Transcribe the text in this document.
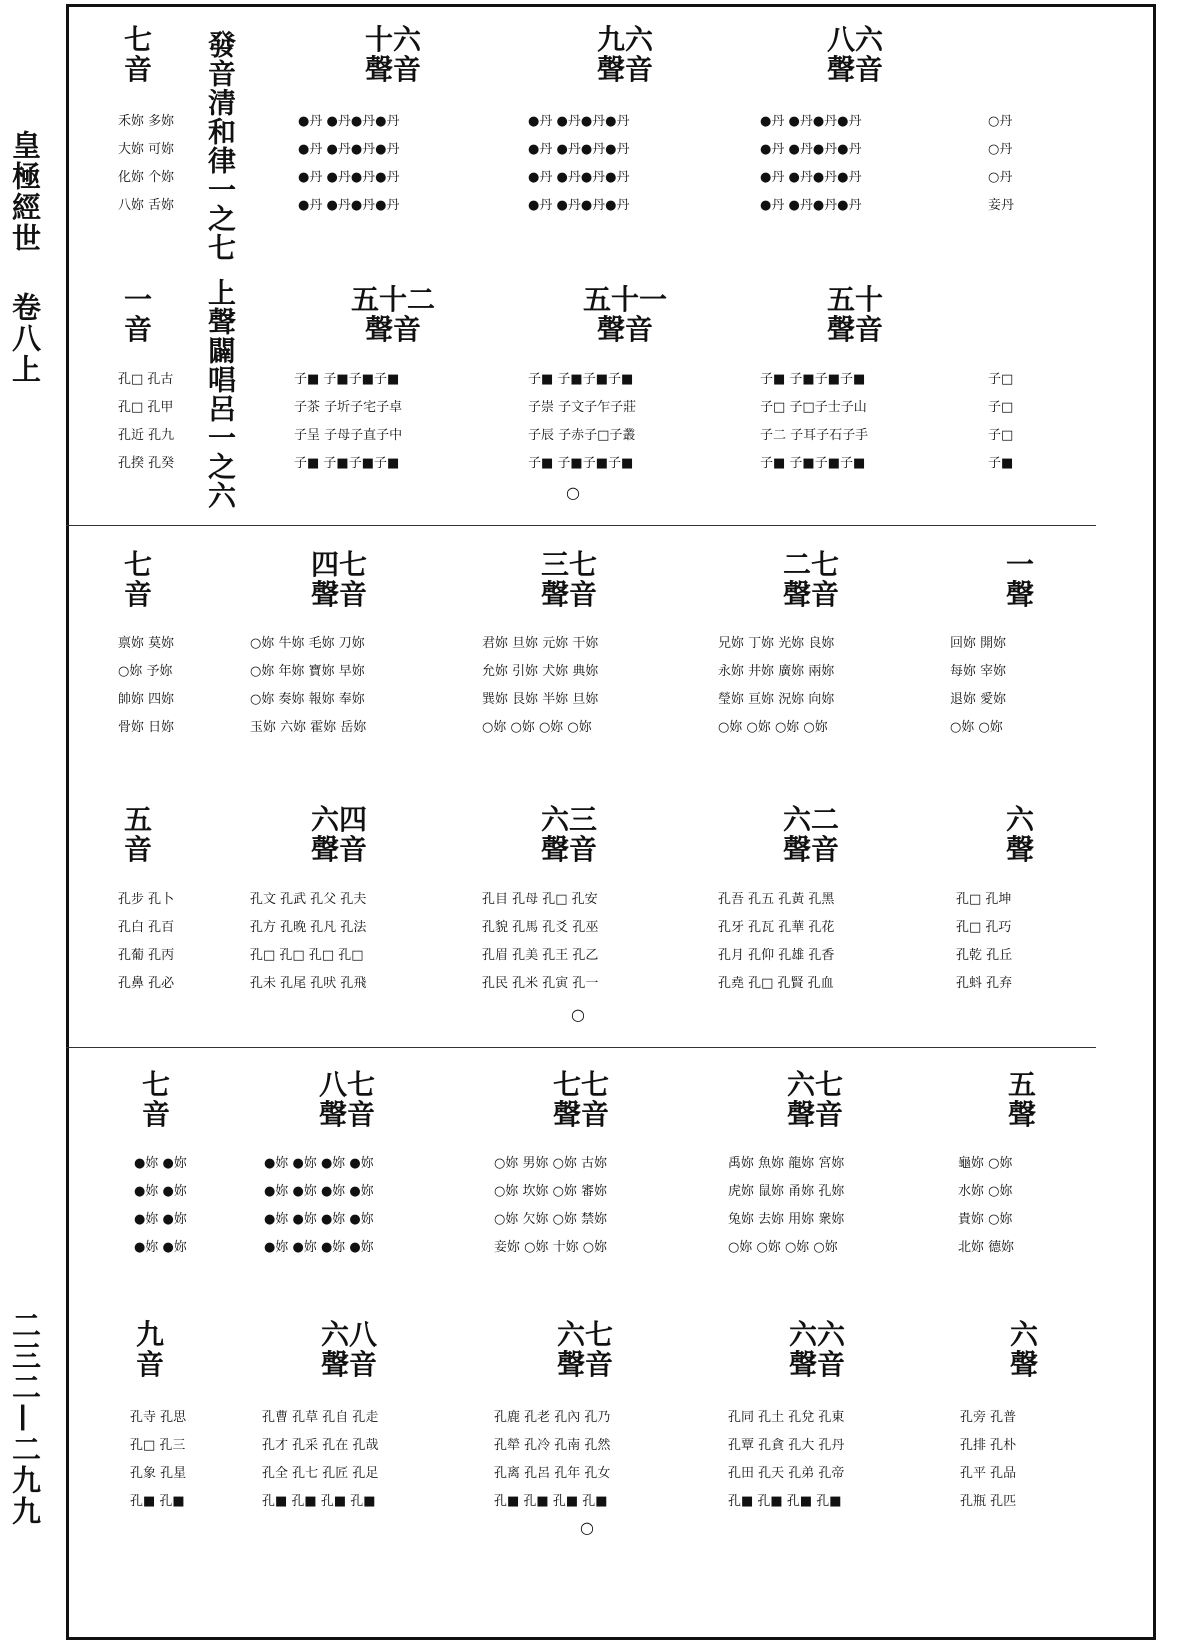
皇極經世
卷八上
二三二—二九九
發音清和律一之七
上聲闢唱呂一之六
七
音
十六
聲音
九六
聲音
八六
聲音
禾妳 多妳
大妳 可妳
化妳 个妳
八妳 舌妳
●丹 ●丹●丹●丹
●丹 ●丹●丹●丹
●丹 ●丹●丹●丹
●丹 ●丹●丹●丹
●丹 ●丹●丹●丹
●丹 ●丹●丹●丹
●丹 ●丹●丹●丹
●丹 ●丹●丹●丹
●丹 ●丹●丹●丹
●丹 ●丹●丹●丹
●丹 ●丹●丹●丹
●丹 ●丹●丹●丹
○丹
○丹
○丹
妾丹
一
音
五十二
聲音
五十一
聲音
五十
聲音
孔□ 孔古
孔□ 孔甲
孔近 孔九
孔揆 孔癸
子■ 子■子■子■
子茶 子圻子宅子卓
子呈 子母子直子中
子■ 子■子■子■
子■ 子■子■子■
子崇 子文子乍子莊
子辰 子赤子□子叢
子■ 子■子■子■
子■ 子■子■子■
子□ 子□子士子山
子二 子耳子石子手
子■ 子■子■子■
子□
子□
子□
子■
○
七
音
四七
聲音
三七
聲音
二七
聲音
一
聲
禀妳 莫妳
○妳 予妳
帥妳 四妳
骨妳 日妳
○妳 牛妳 毛妳 刀妳
○妳 年妳 寶妳 早妳
○妳 奏妳 報妳 奉妳
玉妳 六妳 霍妳 岳妳
君妳 旦妳 元妳 干妳
允妳 引妳 犬妳 典妳
巽妳 艮妳 半妳 旦妳
○妳 ○妳 ○妳 ○妳
兄妳 丁妳 光妳 良妳
永妳 井妳 廣妳 兩妳
瑩妳 亘妳 況妳 向妳
○妳 ○妳 ○妳 ○妳
回妳 開妳
每妳 宰妳
退妳 愛妳
○妳 ○妳
五
音
六四
聲音
六三
聲音
六二
聲音
六
聲
孔步 孔卜
孔白 孔百
孔葡 孔丙
孔鼻 孔必
孔文 孔武 孔父 孔夫
孔方 孔晚 孔凡 孔法
孔□ 孔□ 孔□ 孔□
孔未 孔尾 孔吠 孔飛
孔目 孔母 孔□ 孔安
孔貌 孔馬 孔爻 孔巫
孔眉 孔美 孔王 孔乙
孔民 孔米 孔寅 孔一
孔吾 孔五 孔黃 孔黑
孔牙 孔瓦 孔華 孔花
孔月 孔仰 孔雄 孔香
孔堯 孔□ 孔賢 孔血
孔□ 孔坤
孔□ 孔巧
孔乾 孔丘
孔蚪 孔弃
○
七
音
八七
聲音
七七
聲音
六七
聲音
五
聲
●妳 ●妳
●妳 ●妳
●妳 ●妳
●妳 ●妳
●妳 ●妳 ●妳 ●妳
●妳 ●妳 ●妳 ●妳
●妳 ●妳 ●妳 ●妳
●妳 ●妳 ●妳 ●妳
○妳 男妳 ○妳 古妳
○妳 坎妳 ○妳 審妳
○妳 欠妳 ○妳 禁妳
妾妳 ○妳 十妳 ○妳
禹妳 魚妳 龍妳 宮妳
虎妳 鼠妳 甬妳 孔妳
兔妳 去妳 用妳 衆妳
○妳 ○妳 ○妳 ○妳
龜妳 ○妳
水妳 ○妳
貴妳 ○妳
北妳 德妳
九
音
六八
聲音
六七
聲音
六六
聲音
六
聲
孔寺 孔思
孔□ 孔三
孔象 孔星
孔■ 孔■
孔曹 孔草 孔自 孔走
孔才 孔采 孔在 孔哉
孔全 孔七 孔匠 孔足
孔■ 孔■ 孔■ 孔■
孔鹿 孔老 孔內 孔乃
孔犖 孔冷 孔南 孔然
孔离 孔呂 孔年 孔女
孔■ 孔■ 孔■ 孔■
孔同 孔土 孔兌 孔東
孔覃 孔貪 孔大 孔丹
孔田 孔天 孔弟 孔帝
孔■ 孔■ 孔■ 孔■
孔旁 孔普
孔排 孔朴
孔平 孔品
孔瓶 孔匹
○
